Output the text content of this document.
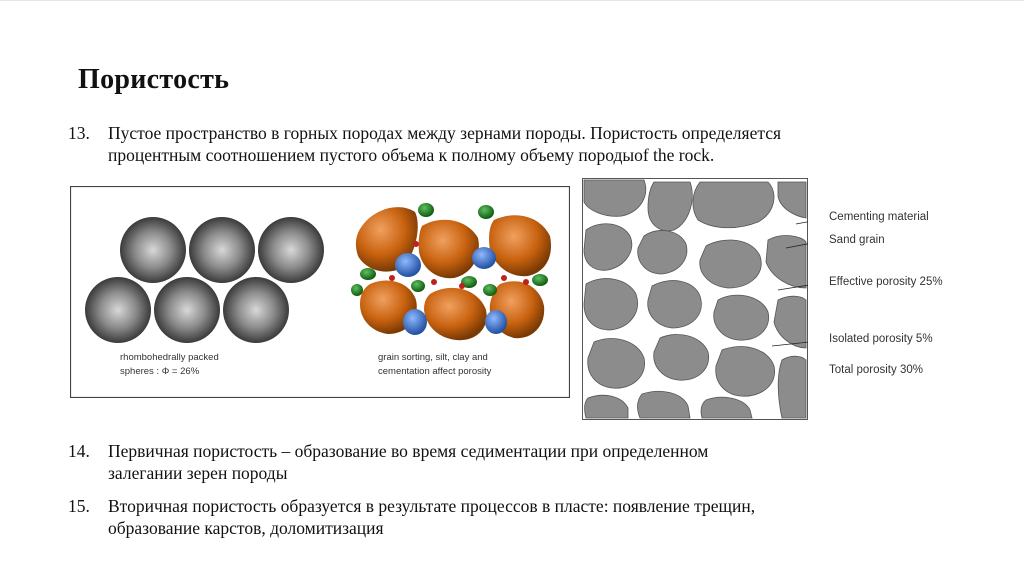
Пористость
13. Пустое пространство в горных породах между зернами породы. Пористость определяется
процентным соотношением пустого объема к полному объему породыof the rock.
rhombohedrally packed
spheres : Φ = 26%
grain sorting, silt, clay and
cementation affect porosity
Cementing material
Sand grain
Effective porosity 25%
Isolated porosity 5%
Total porosity 30%
14. Первичная пористость – образование во время седиментации при определенном
залегании зерен породы
15. Вторичная пористость образуется в результате процессов в пласте: появление трещин,
образование карстов, доломитизация
